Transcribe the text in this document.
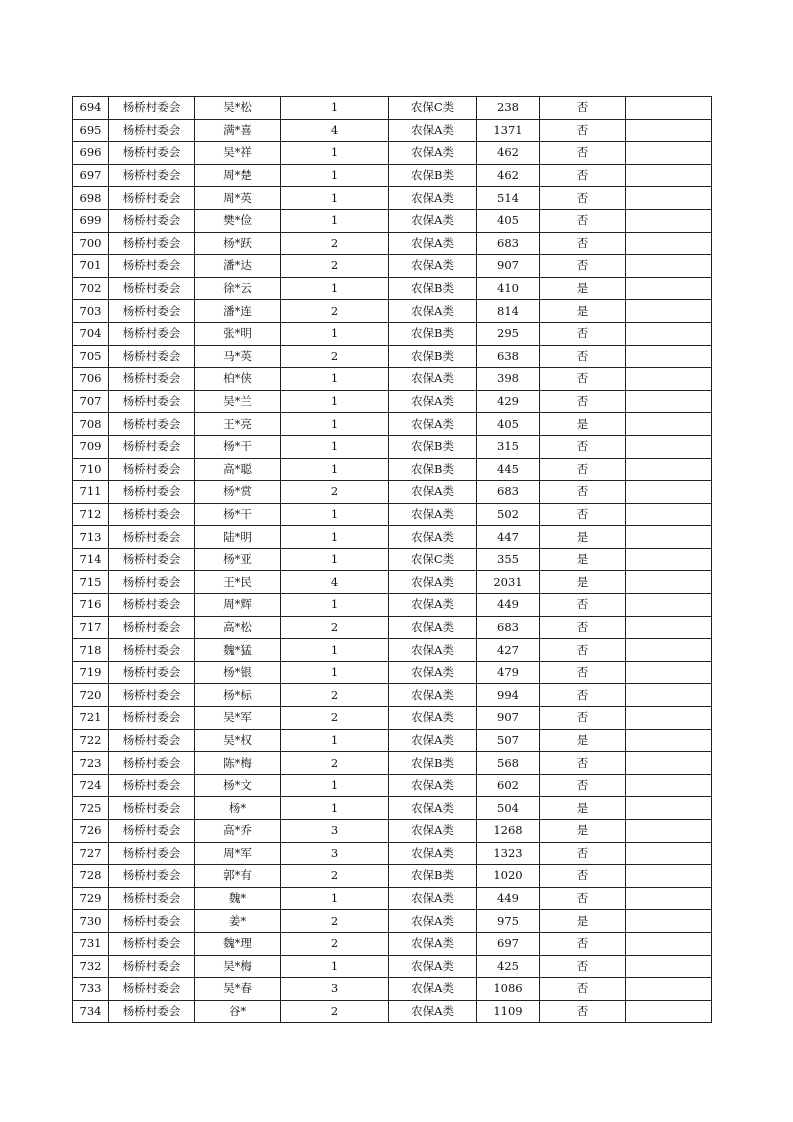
694	杨桥村委会	吴*松	1	农保C类	238	否	
695	杨桥村委会	满*喜	4	农保A类	1371	否	
696	杨桥村委会	吴*祥	1	农保A类	462	否	
697	杨桥村委会	周*楚	1	农保B类	462	否	
698	杨桥村委会	周*英	1	农保A类	514	否	
699	杨桥村委会	樊*俭	1	农保A类	405	否	
700	杨桥村委会	杨*跃	2	农保A类	683	否	
701	杨桥村委会	潘*达	2	农保A类	907	否	
702	杨桥村委会	徐*云	1	农保B类	410	是	
703	杨桥村委会	潘*连	2	农保A类	814	是	
704	杨桥村委会	张*明	1	农保B类	295	否	
705	杨桥村委会	马*英	2	农保B类	638	否	
706	杨桥村委会	柏*侠	1	农保A类	398	否	
707	杨桥村委会	吴*兰	1	农保A类	429	否	
708	杨桥村委会	王*亮	1	农保A类	405	是	
709	杨桥村委会	杨*干	1	农保B类	315	否	
710	杨桥村委会	高*聪	1	农保B类	445	否	
711	杨桥村委会	杨*赏	2	农保A类	683	否	
712	杨桥村委会	杨*干	1	农保A类	502	否	
713	杨桥村委会	陆*明	1	农保A类	447	是	
714	杨桥村委会	杨*亚	1	农保C类	355	是	
715	杨桥村委会	王*民	4	农保A类	2031	是	
716	杨桥村委会	周*辉	1	农保A类	449	否	
717	杨桥村委会	高*松	2	农保A类	683	否	
718	杨桥村委会	魏*猛	1	农保A类	427	否	
719	杨桥村委会	杨*银	1	农保A类	479	否	
720	杨桥村委会	杨*标	2	农保A类	994	否	
721	杨桥村委会	吴*军	2	农保A类	907	否	
722	杨桥村委会	吴*权	1	农保A类	507	是	
723	杨桥村委会	陈*梅	2	农保B类	568	否	
724	杨桥村委会	杨*文	1	农保A类	602	否	
725	杨桥村委会	杨*	1	农保A类	504	是	
726	杨桥村委会	高*乔	3	农保A类	1268	是	
727	杨桥村委会	周*军	3	农保A类	1323	否	
728	杨桥村委会	郭*有	2	农保B类	1020	否	
729	杨桥村委会	魏*	1	农保A类	449	否	
730	杨桥村委会	姜*	2	农保A类	975	是	
731	杨桥村委会	魏*理	2	农保A类	697	否	
732	杨桥村委会	吴*梅	1	农保A类	425	否	
733	杨桥村委会	吴*春	3	农保A类	1086	否	
734	杨桥村委会	谷*	2	农保A类	1109	否	
